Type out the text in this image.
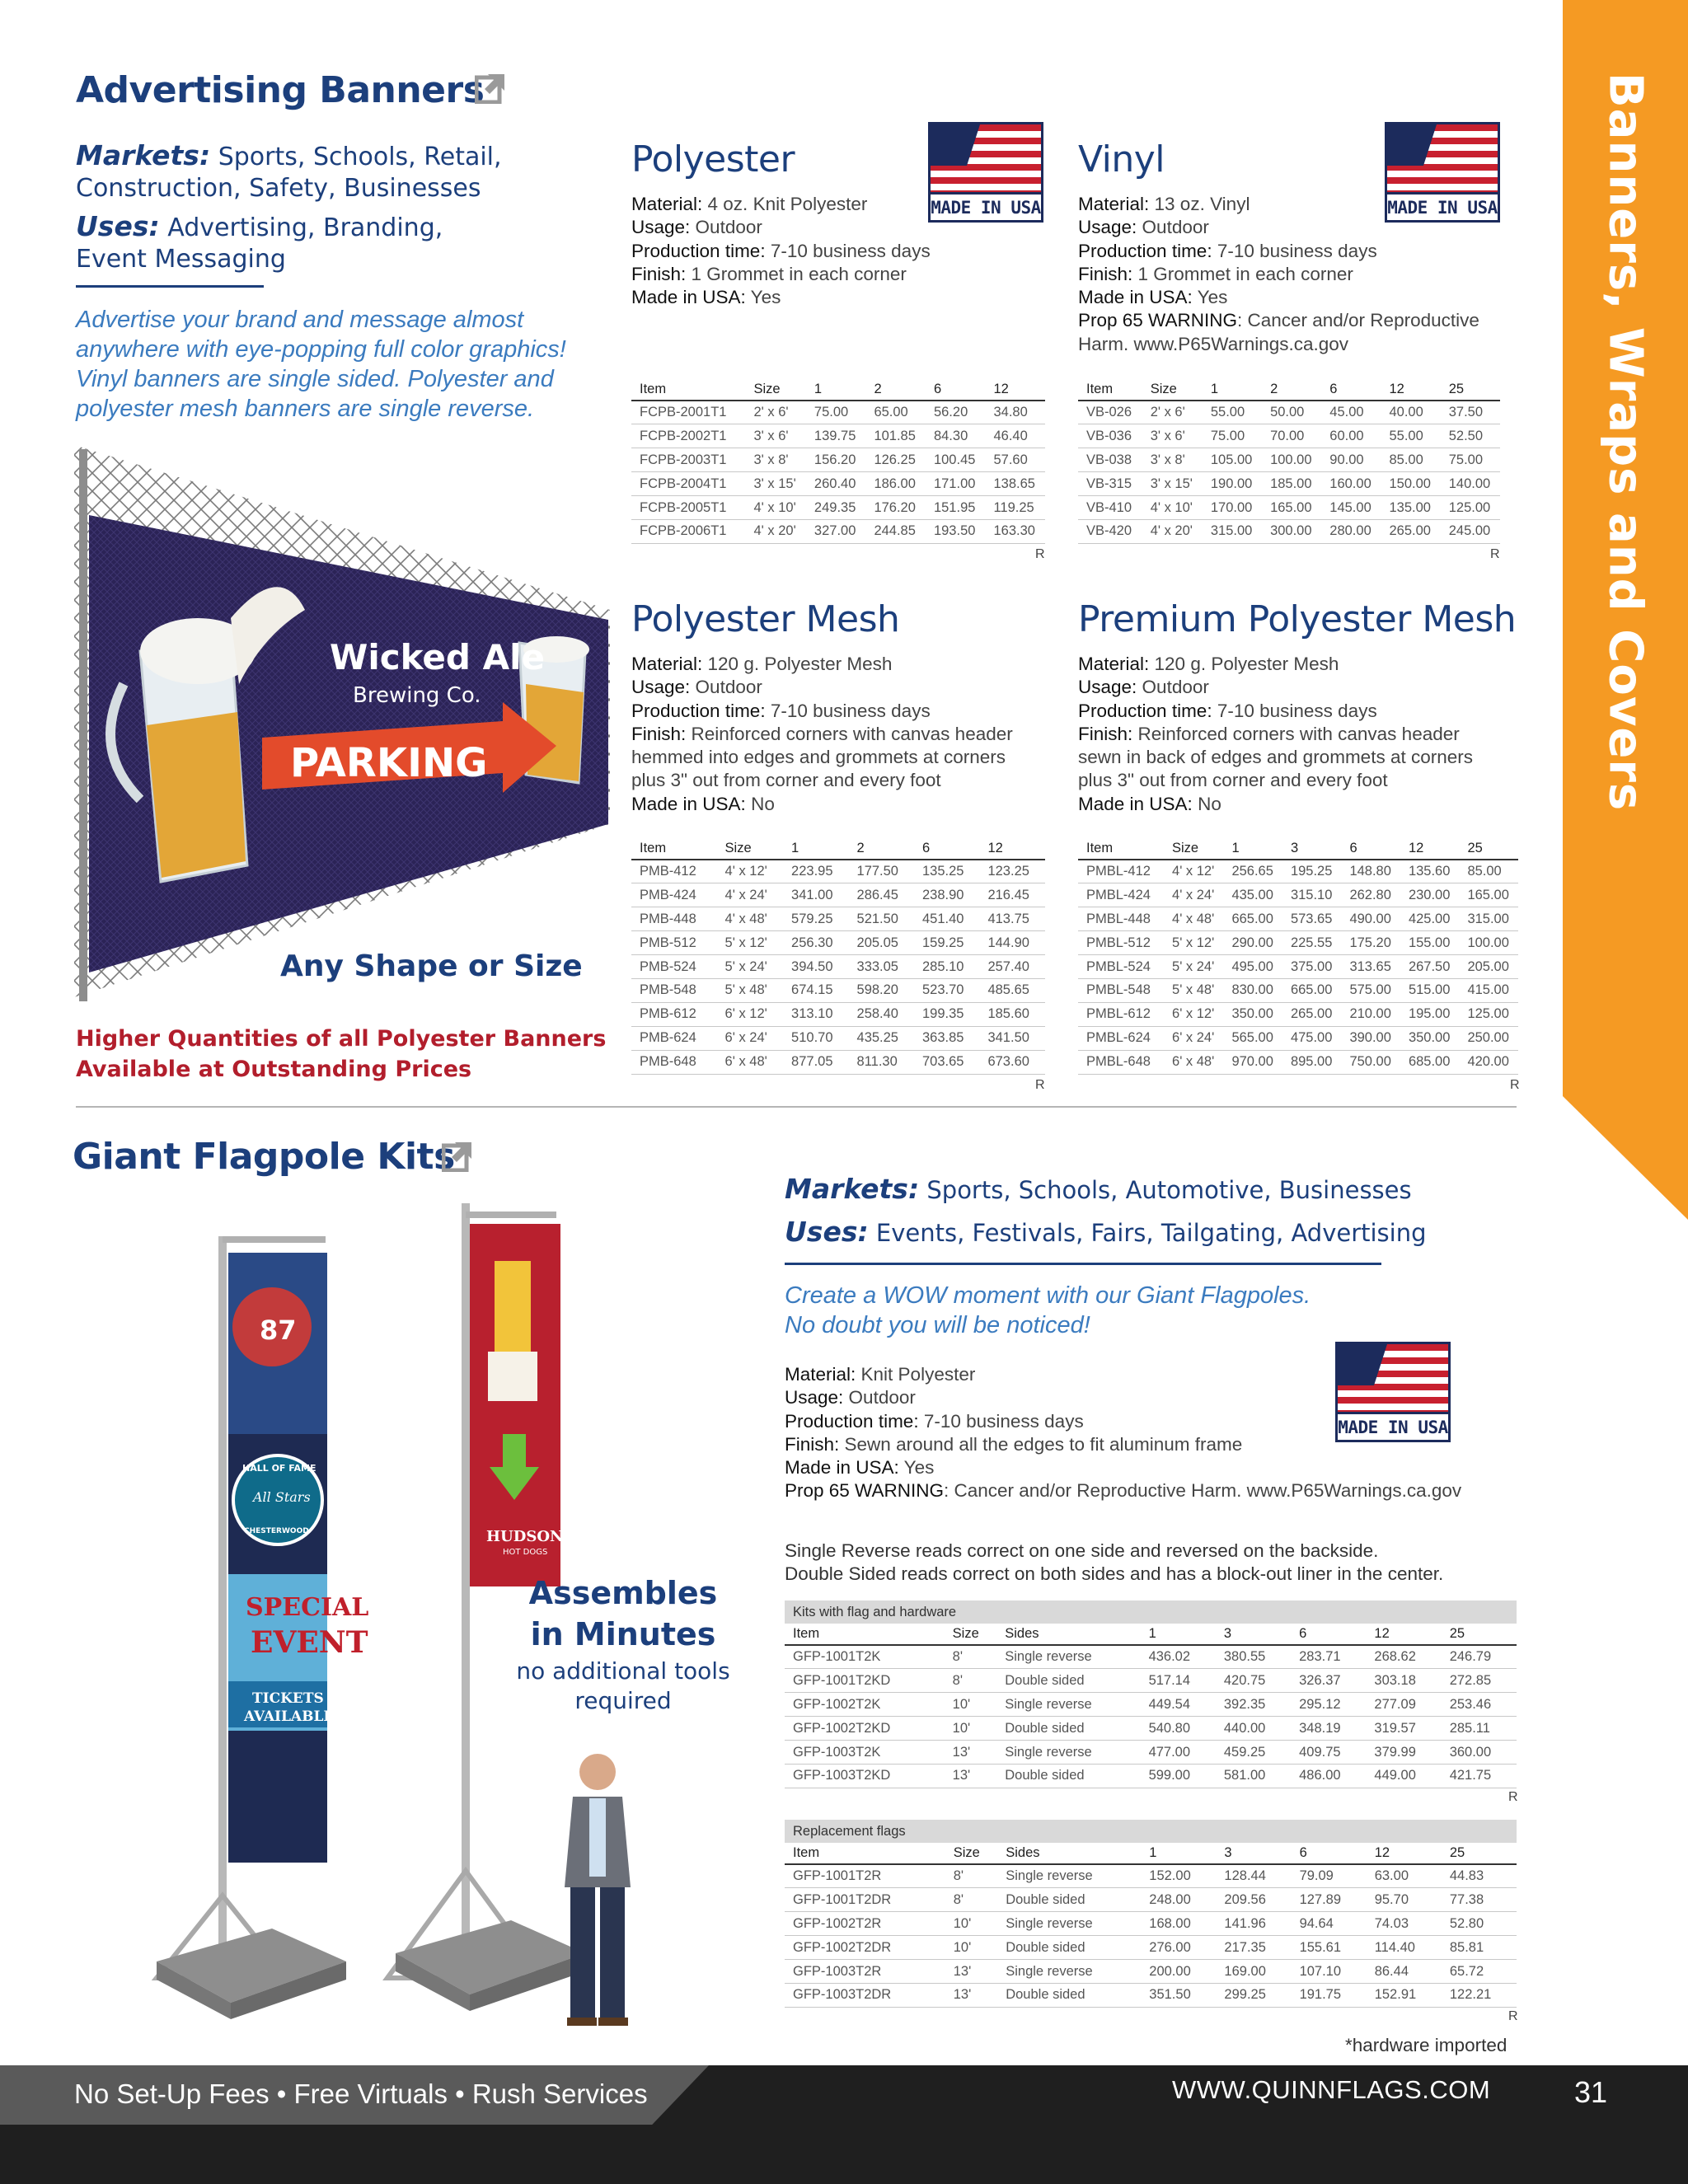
Banners, Wraps and Covers
Advertising Banners
Markets: Sports, Schools, Retail,
Construction, Safety, Businesses
Uses: Advertising, Branding,
Event Messaging
Advertise your brand and message almost
anywhere with eye-popping full color graphics!
Vinyl banners are single sided. Polyester and
polyester mesh banners are single reverse.
Wicked Ale
Brewing Co.
PARKING
Any Shape or Size
Higher Quantities of all Polyester Banners
Available at Outstanding Prices
Polyester
MADE IN USA
Material: 4 oz. Knit Polyester
Usage: Outdoor
Production time: 7-10 business days
Finish: 1 Grommet in each corner
Made in USA: Yes
Item	Size	1	2	6	12
FCPB-2001T1	2' x 6'	75.00	65.00	56.20	34.80
FCPB-2002T1	3' x 6'	139.75	101.85	84.30	46.40
FCPB-2003T1	3' x 8'	156.20	126.25	100.45	57.60
FCPB-2004T1	3' x 15'	260.40	186.00	171.00	138.65
FCPB-2005T1	4' x 10'	249.35	176.20	151.95	119.25
FCPB-2006T1	4' x 20'	327.00	244.85	193.50	163.30
R
Vinyl
MADE IN USA
Material: 13 oz. Vinyl
Usage: Outdoor
Production time: 7-10 business days
Finish: 1 Grommet in each corner
Made in USA: Yes
Prop 65 WARNING: Cancer and/or Reproductive
Harm. www.P65Warnings.ca.gov
Item	Size	1	2	6	12	25
VB-026	2' x 6'	55.00	50.00	45.00	40.00	37.50
VB-036	3' x 6'	75.00	70.00	60.00	55.00	52.50
VB-038	3' x 8'	105.00	100.00	90.00	85.00	75.00
VB-315	3' x 15'	190.00	185.00	160.00	150.00	140.00
VB-410	4' x 10'	170.00	165.00	145.00	135.00	125.00
VB-420	4' x 20'	315.00	300.00	280.00	265.00	245.00
R
Polyester Mesh
Material: 120 g. Polyester Mesh
Usage: Outdoor
Production time: 7-10 business days
Finish: Reinforced corners with canvas header
hemmed into edges and grommets at corners
plus 3" out from corner and every foot
Made in USA: No
Item	Size	1	2	6	12
PMB-412	4' x 12'	223.95	177.50	135.25	123.25
PMB-424	4' x 24'	341.00	286.45	238.90	216.45
PMB-448	4' x 48'	579.25	521.50	451.40	413.75
PMB-512	5' x 12'	256.30	205.05	159.25	144.90
PMB-524	5' x 24'	394.50	333.05	285.10	257.40
PMB-548	5' x 48'	674.15	598.20	523.70	485.65
PMB-612	6' x 12'	313.10	258.40	199.35	185.60
PMB-624	6' x 24'	510.70	435.25	363.85	341.50
PMB-648	6' x 48'	877.05	811.30	703.65	673.60
R
Premium Polyester Mesh
Material: 120 g. Polyester Mesh
Usage: Outdoor
Production time: 7-10 business days
Finish: Reinforced corners with canvas header
sewn in back of edges and grommets at corners
plus 3" out from corner and every foot
Made in USA: No
Item	Size	1	3	6	12	25
PMBL-412	4' x 12'	256.65	195.25	148.80	135.60	85.00
PMBL-424	4' x 24'	435.00	315.10	262.80	230.00	165.00
PMBL-448	4' x 48'	665.00	573.65	490.00	425.00	315.00
PMBL-512	5' x 12'	290.00	225.55	175.20	155.00	100.00
PMBL-524	5' x 24'	495.00	375.00	313.65	267.50	205.00
PMBL-548	5' x 48'	830.00	665.00	575.00	515.00	415.00
PMBL-612	6' x 12'	350.00	265.00	210.00	195.00	125.00
PMBL-624	6' x 24'	565.00	475.00	390.00	350.00	250.00
PMBL-648	6' x 48'	970.00	895.00	750.00	685.00	420.00
R
Giant Flagpole Kits
Markets: Sports, Schools, Automotive, Businesses
Uses: Events, Festivals, Fairs, Tailgating, Advertising
Create a WOW moment with our Giant Flagpoles.
No doubt you will be noticed!
Material: Knit Polyester
Usage: Outdoor
Production time: 7-10 business days
Finish: Sewn around all the edges to fit aluminum frame
Made in USA: Yes
Prop 65 WARNING: Cancer and/or Reproductive Harm. www.P65Warnings.ca.gov
MADE IN USA
Single Reverse reads correct on one side and reversed on the backside.
Double Sided reads correct on both sides and has a block-out liner in the center.
Kits with flag and hardware							
Item	Size	Sides	1	3	6	12	25
GFP-1001T2K	8'	Single reverse	436.02	380.55	283.71	268.62	246.79
GFP-1001T2KD	8'	Double sided	517.14	420.75	326.37	303.18	272.85
GFP-1002T2K	10'	Single reverse	449.54	392.35	295.12	277.09	253.46
GFP-1002T2KD	10'	Double sided	540.80	440.00	348.19	319.57	285.11
GFP-1003T2K	13'	Single reverse	477.00	459.25	409.75	379.99	360.00
GFP-1003T2KD	13'	Double sided	599.00	581.00	486.00	449.00	421.75
R
Replacement flags							
Item	Size	Sides	1	3	6	12	25
GFP-1001T2R	8'	Single reverse	152.00	128.44	79.09	63.00	44.83
GFP-1001T2DR	8'	Double sided	248.00	209.56	127.89	95.70	77.38
GFP-1002T2R	10'	Single reverse	168.00	141.96	94.64	74.03	52.80
GFP-1002T2DR	10'	Double sided	276.00	217.35	155.61	114.40	85.81
GFP-1003T2R	13'	Single reverse	200.00	169.00	107.10	86.44	65.72
GFP-1003T2DR	13'	Double sided	351.50	299.25	191.75	152.91	122.21
R
*hardware imported
87
HALL OF FAME
All Stars
CHESTERWOOD
SPECIAL
EVENT
TICKETS
AVAILABLE
HUDSON'S
HOT DOGS
Assembles
in Minutes
no additional tools
required
No Set-Up Fees • Free Virtuals • Rush Services	WWW.QUINNFLAGS.COM	31
